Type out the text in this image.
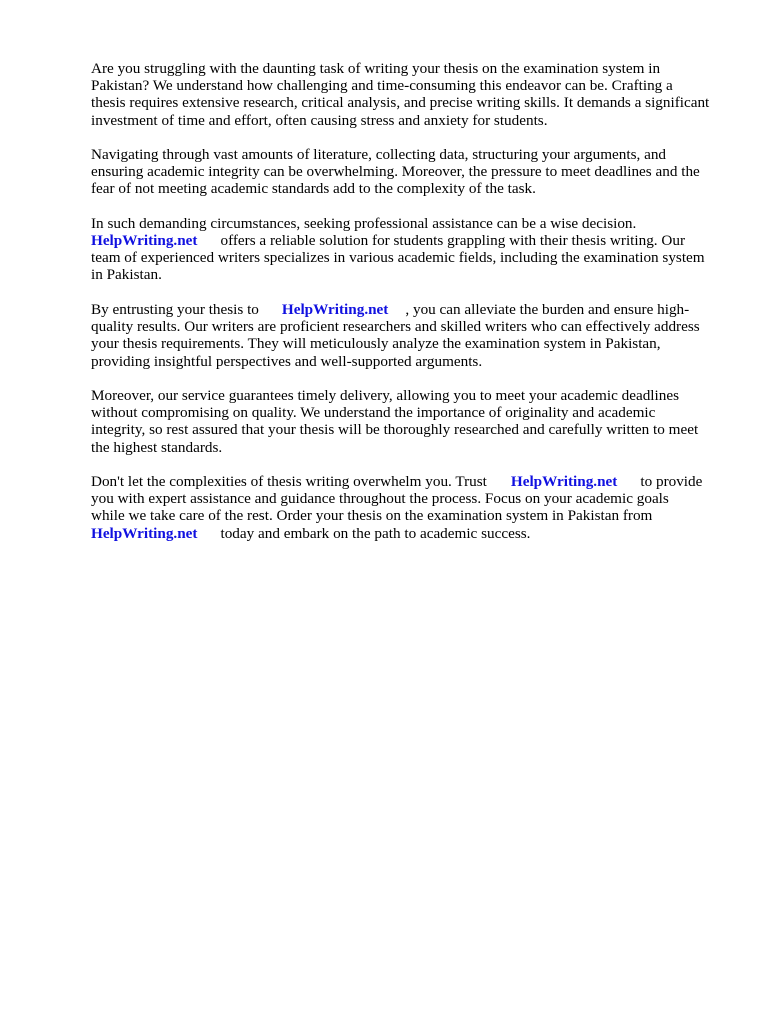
Are you struggling with the daunting task of writing your thesis on the examination system in
Pakistan? We understand how challenging and time-consuming this endeavor can be. Crafting a
thesis requires extensive research, critical analysis, and precise writing skills. It demands a significant
investment of time and effort, often causing stress and anxiety for students.

Navigating through vast amounts of literature, collecting data, structuring your arguments, and
ensuring academic integrity can be overwhelming. Moreover, the pressure to meet deadlines and the
fear of not meeting academic standards add to the complexity of the task.

In such demanding circumstances, seeking professional assistance can be a wise decision.
HelpWriting.net offers a reliable solution for students grappling with their thesis writing. Our
team of experienced writers specializes in various academic fields, including the examination system
in Pakistan.

By entrusting your thesis to HelpWriting.net , you can alleviate the burden and ensure high-
quality results. Our writers are proficient researchers and skilled writers who can effectively address
your thesis requirements. They will meticulously analyze the examination system in Pakistan,
providing insightful perspectives and well-supported arguments.

Moreover, our service guarantees timely delivery, allowing you to meet your academic deadlines
without compromising on quality. We understand the importance of originality and academic
integrity, so rest assured that your thesis will be thoroughly researched and carefully written to meet
the highest standards.

Don't let the complexities of thesis writing overwhelm you. Trust HelpWriting.net to provide
you with expert assistance and guidance throughout the process. Focus on your academic goals
while we take care of the rest. Order your thesis on the examination system in Pakistan from
HelpWriting.net today and embark on the path to academic success.
